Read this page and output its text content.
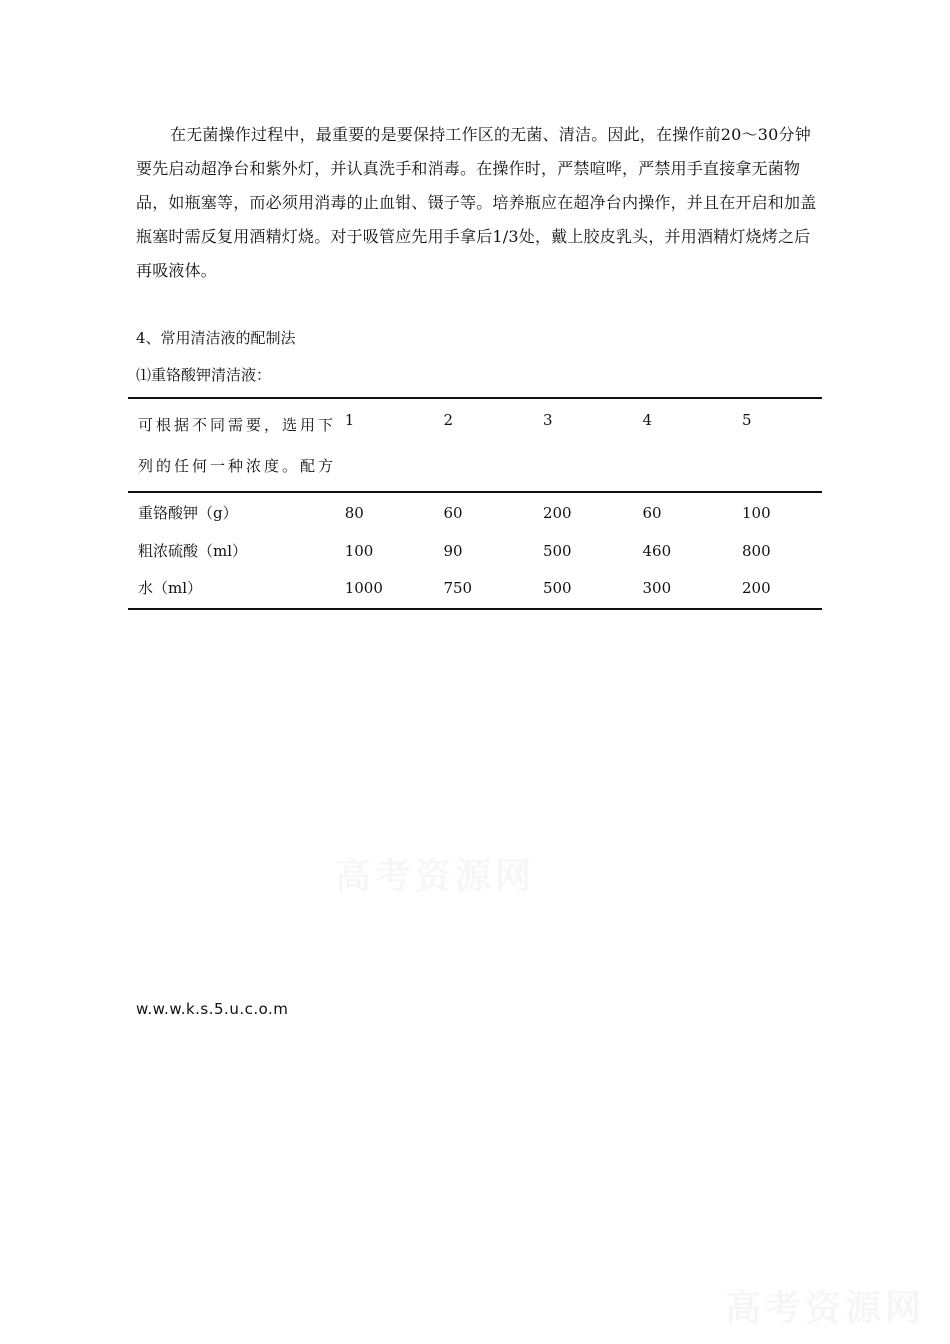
在无菌操作过程中，最重要的是要保持工作区的无菌、清洁。因此，在操作前20～30分钟要先启动超净台和紫外灯，并认真洗手和消毒。在操作时，严禁喧哗，严禁用手直接拿无菌物品，如瓶塞等，而必须用消毒的止血钳、镊子等。培养瓶应在超净台内操作，并且在开启和加盖瓶塞时需反复用酒精灯烧。对于吸管应先用手拿后1/3处，戴上胶皮乳头，并用酒精灯烧烤之后再吸液体。

4、常用清洁液的配制法

⑴重铬酸钾清洁液：

可根据不同需要，选用下列的任何一种浓度。配方	1	2	3	4	5
重铬酸钾（g）	80	60	200	60	100
粗浓硫酸（ml）	100	90	500	460	800
水（ml）	1000	750	500	300	200

w.w.w.k.s.5.u.c.o.m
